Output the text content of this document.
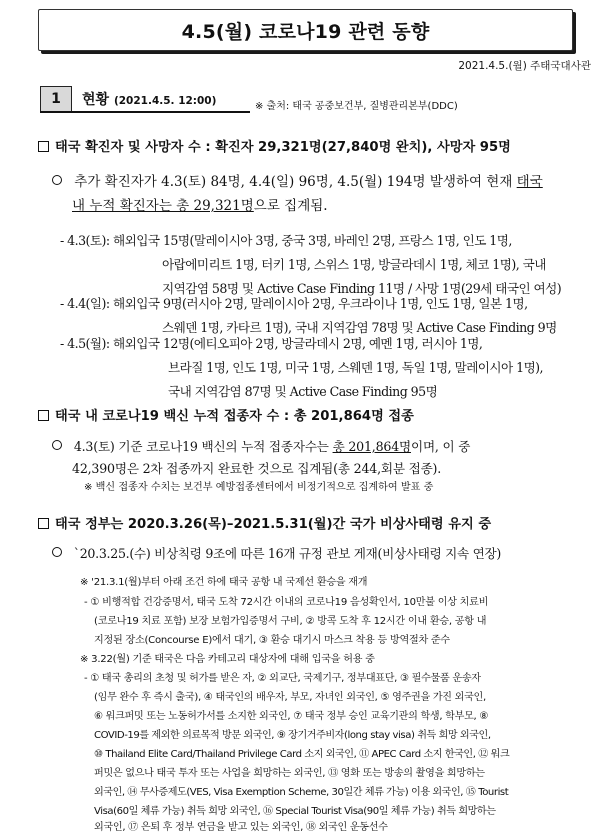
4.5(월) 코로나19 관련 동향
2021.4.5.(월) 주태국대사관
1	현황 (2021.4.5. 12:00)	※ 출처: 태국 공중보건부, 질병관리본부(DDC)
태국 확진자 및 사망자 수 : 확진자 29,321명(27,840명 완치), 사망자 95명
추가 확진자가 4.3(토) 84명, 4.4(일) 96명, 4.5(월) 194명 발생하여 현재 태국
내 누적 확진자는 총 29,321명으로 집계됨.
- 4.3(토): 해외입국 15명(말레이시아 3명, 중국 3명, 바레인 2명, 프랑스 1명, 인도 1명,
아랍에미리트 1명, 터키 1명, 스위스 1명, 방글라데시 1명, 체코 1명), 국내
지역감염 58명 및 Active Case Finding 11명 / 사망 1명(29세 태국인 여성)
- 4.4(일): 해외입국 9명(러시아 2명, 말레이시아 2명, 우크라이나 1명, 인도 1명, 일본 1명,
스웨덴 1명, 카타르 1명), 국내 지역감염 78명 및 Active Case Finding 9명
- 4.5(월): 해외입국 12명(에티오피아 2명, 방글라데시 2명, 예멘 1명, 러시아 1명,
브라질 1명, 인도 1명, 미국 1명, 스웨덴 1명, 독일 1명, 말레이시아 1명),
국내 지역감염 87명 및 Active Case Finding 95명
태국 내 코로나19 백신 누적 접종자 수 : 총 201,864명 접종
4.3(토) 기준 코로나19 백신의 누적 접종자수는 총 201,864명이며, 이 중
42,390명은 2차 접종까지 완료한 것으로 집계됨(총 244,회분 접종).
※ 백신 접종자 수치는 보건부 예방접종센터에서 비정기적으로 집계하여 발표 중
태국 정부는 2020.3.26(목)–2021.5.31(월)간 국가 비상사태령 유지 중
`20.3.25.(수) 비상칙령 9조에 따른 16개 규정 관보 게재(비상사태령 지속 연장)
※ '21.3.1(월)부터 아래 조건 하에 태국 공항 내 국제선 환승을 재개
- ① 비행적합 건강증명서, 태국 도착 72시간 이내의 코로나19 음성확인서, 10만불 이상 치료비
(코로나19 치료 포함) 보장 보험가입증명서 구비, ② 방콕 도착 후 12시간 이내 환승, 공항 내
지정된 장소(Concourse E)에서 대기, ③ 환승 대기시 마스크 착용 등 방역절차 준수
※ 3.22(월) 기준 태국은 다음 카테고리 대상자에 대해 입국을 허용 중
- ① 태국 총리의 초청 및 허가를 받은 자, ② 외교단, 국제기구, 정부대표단, ③ 필수물품 운송자
(임무 완수 후 즉시 출국), ④ 태국인의 배우자, 부모, 자녀인 외국인, ⑤ 영주권을 가진 외국인,
⑥ 워크퍼밋 또는 노동허가서를 소지한 외국인, ⑦ 태국 정부 승인 교육기관의 학생, 학부모, ⑧
COVID-19를 제외한 의료목적 방문 외국인, ⑨ 장기거주비자(long stay visa) 취득 희망 외국인,
⑩ Thailand Elite Card/Thailand Privilege Card 소지 외국인, ⑪ APEC Card 소지 한국인, ⑫ 워크
퍼밋은 없으나 태국 투자 또는 사업을 희망하는 외국인, ⑬ 영화 또는 방송의 촬영을 희망하는
외국인, ⑭ 무사증제도(VES, Visa Exemption Scheme, 30일간 체류 가능) 이용 외국인, ⑮ Tourist
Visa(60일 체류 가능) 취득 희망 외국인, ⑯ Special Tourist Visa(90일 체류 가능) 취득 희망하는
외국인, ⑰ 은퇴 후 정부 연금을 받고 있는 외국인, ⑱ 외국인 운동선수
